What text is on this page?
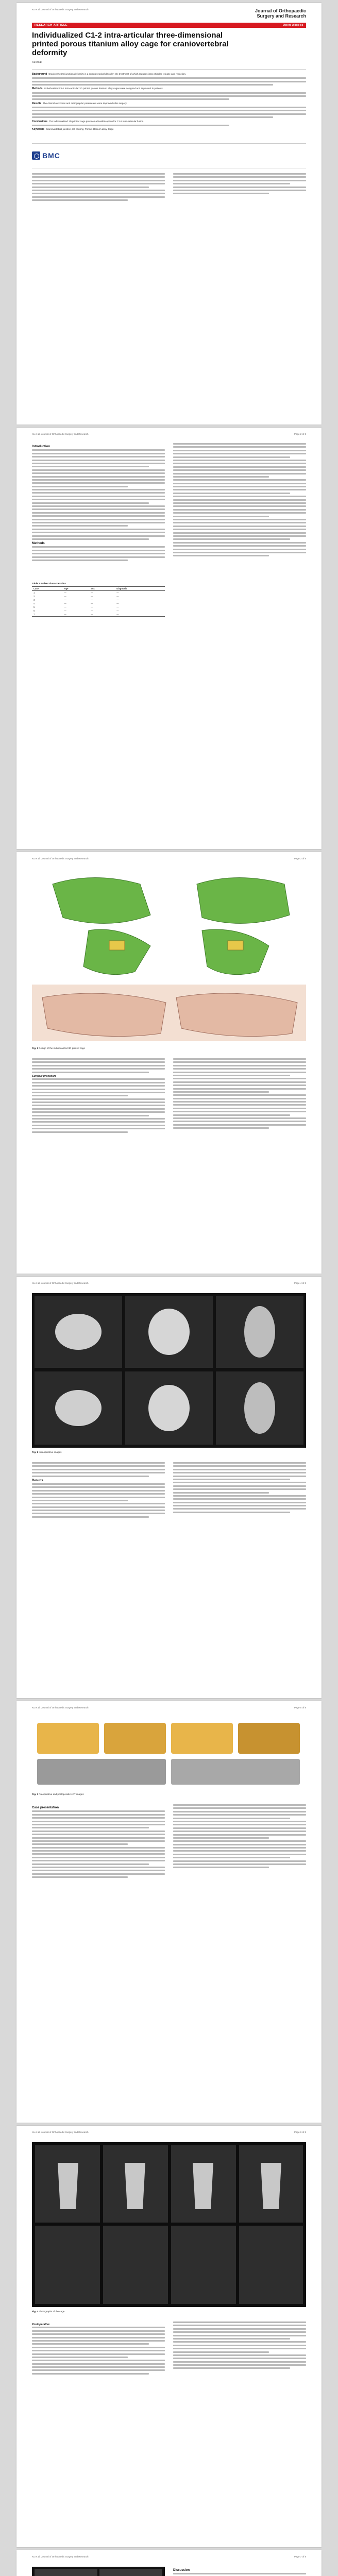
Xu et al. Journal of Orthopaedic Surgery and Research	Journal of Orthopaedic Surgery and Research
RESEARCH ARTICLE	Open Access
Individualized C1-2 intra-articular three-dimensional printed porous titanium alloy cage for craniovertebral deformity
Xu et al.
Background Craniovertebral junction deformity is a complex spinal disorder; the treatment of which requires intra-articular release and reduction.
Methods Individualized C1-2 intra-articular 3D printed porous titanium alloy cages were designed and implanted in patients.
Results The clinical outcomes and radiographic parameters were improved after surgery.
Conclusions The individualized 3D printed cage provides a feasible option for C1-2 intra-articular fusion.
Keywords Craniovertebral junction, 3D printing, Porous titanium alloy, Cage
BMC
Xu et al. Journal of Orthopaedic Surgery and Research	Page 2 of 8
Introduction
Methods
Table 1 Patient characteristics
Case	Age	Sex	Diagnosis
1	—	—	—
2	—	—	—
3	—	—	—
4	—	—	—
5	—	—	—
6	—	—	—
7	—	—	—
Xu et al. Journal of Orthopaedic Surgery and Research	Page 3 of 8
Fig. 1 Design of the individualized 3D printed cage
Surgical procedure
Xu et al. Journal of Orthopaedic Surgery and Research	Page 4 of 8
Fig. 2 Intraoperative images
Results
Xu et al. Journal of Orthopaedic Surgery and Research	Page 5 of 8
Fig. 3 Preoperative and postoperative CT images
Case presentation
Xu et al. Journal of Orthopaedic Surgery and Research	Page 6 of 8
Fig. 4 Photographs of the cage
Postoperative
Xu et al. Journal of Orthopaedic Surgery and Research	Page 7 of 8
Discussion
